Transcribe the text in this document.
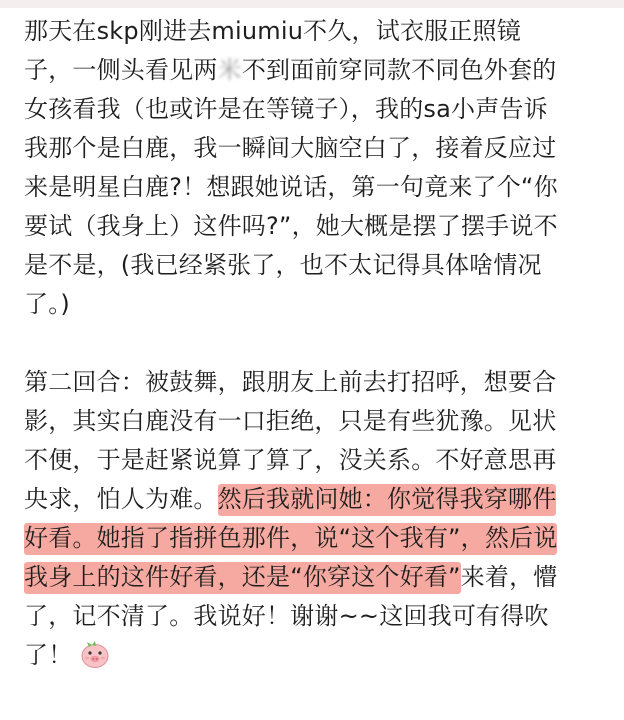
那天在skp刚进去miumiu不久，试衣服正照镜
子，一侧头看见两米不到面前穿同款不同色外套的
女孩看我（也或许是在等镜子），我的sa小声告诉
我那个是白鹿，我一瞬间大脑空白了，接着反应过
来是明星白鹿?！想跟她说话，第一句竟来了个“你
要试（我身上）这件吗?”，她大概是摆了摆手说不
是不是，(我已经紧张了，也不太记得具体啥情况
了。)

第二回合：被鼓舞，跟朋友上前去打招呼，想要合
影，其实白鹿没有一口拒绝，只是有些犹豫。见状
不便，于是赶紧说算了算了，没关系。不好意思再
央求，怕人为难。然后我就问她：你觉得我穿哪件
好看。她指了指拼色那件，说“这个我有”，然后说
我身上的这件好看，还是“你穿这个好看”来着，懵
了，记不清了。我说好！谢谢~~这回我可有得吹
了！
